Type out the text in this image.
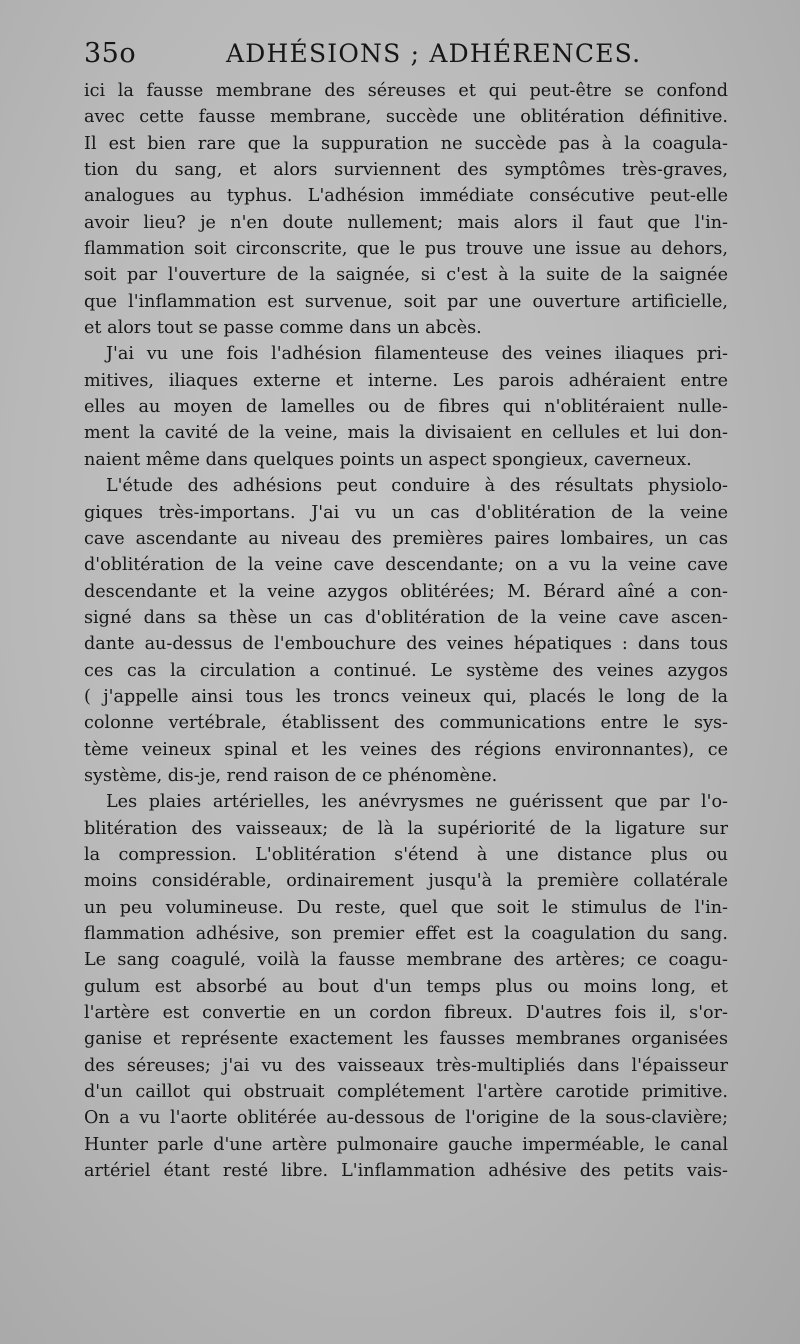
35o	ADHÉSIONS ; ADHÉRENCES.
ici la fausse membrane des séreuses et qui peut-être se confond
avec cette fausse membrane, succède une oblitération définitive.
Il est bien rare que la suppuration ne succède pas à la coagula-
tion du sang, et alors surviennent des symptômes très-graves,
analogues au typhus. L'adhésion immédiate consécutive peut-elle
avoir lieu? je n'en doute nullement; mais alors il faut que l'in-
flammation soit circonscrite, que le pus trouve une issue au dehors,
soit par l'ouverture de la saignée, si c'est à la suite de la saignée
que l'inflammation est survenue, soit par une ouverture artificielle,
et alors tout se passe comme dans un abcès.
J'ai vu une fois l'adhésion filamenteuse des veines iliaques pri-
mitives, iliaques externe et interne. Les parois adhéraient entre
elles au moyen de lamelles ou de fibres qui n'oblitéraient nulle-
ment la cavité de la veine, mais la divisaient en cellules et lui don-
naient même dans quelques points un aspect spongieux, caverneux.
L'étude des adhésions peut conduire à des résultats physiolo-
giques très-importans. J'ai vu un cas d'oblitération de la veine
cave ascendante au niveau des premières paires lombaires, un cas
d'oblitération de la veine cave descendante; on a vu la veine cave
descendante et la veine azygos oblitérées; M. Bérard aîné a con-
signé dans sa thèse un cas d'oblitération de la veine cave ascen-
dante au-dessus de l'embouchure des veines hépatiques : dans tous
ces cas la circulation a continué. Le système des veines azygos
( j'appelle ainsi tous les troncs veineux qui, placés le long de la
colonne vertébrale, établissent des communications entre le sys-
tème veineux spinal et les veines des régions environnantes), ce
système, dis-je, rend raison de ce phénomène.
Les plaies artérielles, les anévrysmes ne guérissent que par l'o-
blitération des vaisseaux; de là la supériorité de la ligature sur
la compression. L'oblitération s'étend à une distance plus ou
moins considérable, ordinairement jusqu'à la première collatérale
un peu volumineuse. Du reste, quel que soit le stimulus de l'in-
flammation adhésive, son premier effet est la coagulation du sang.
Le sang coagulé, voilà la fausse membrane des artères; ce coagu-
gulum est absorbé au bout d'un temps plus ou moins long, et
l'artère est convertie en un cordon fibreux. D'autres fois il, s'or-
ganise et représente exactement les fausses membranes organisées
des séreuses; j'ai vu des vaisseaux très-multipliés dans l'épaisseur
d'un caillot qui obstruait complétement l'artère carotide primitive.
On a vu l'aorte oblitérée au-dessous de l'origine de la sous-clavière;
Hunter parle d'une artère pulmonaire gauche imperméable, le canal
artériel étant resté libre. L'inflammation adhésive des petits vais-
